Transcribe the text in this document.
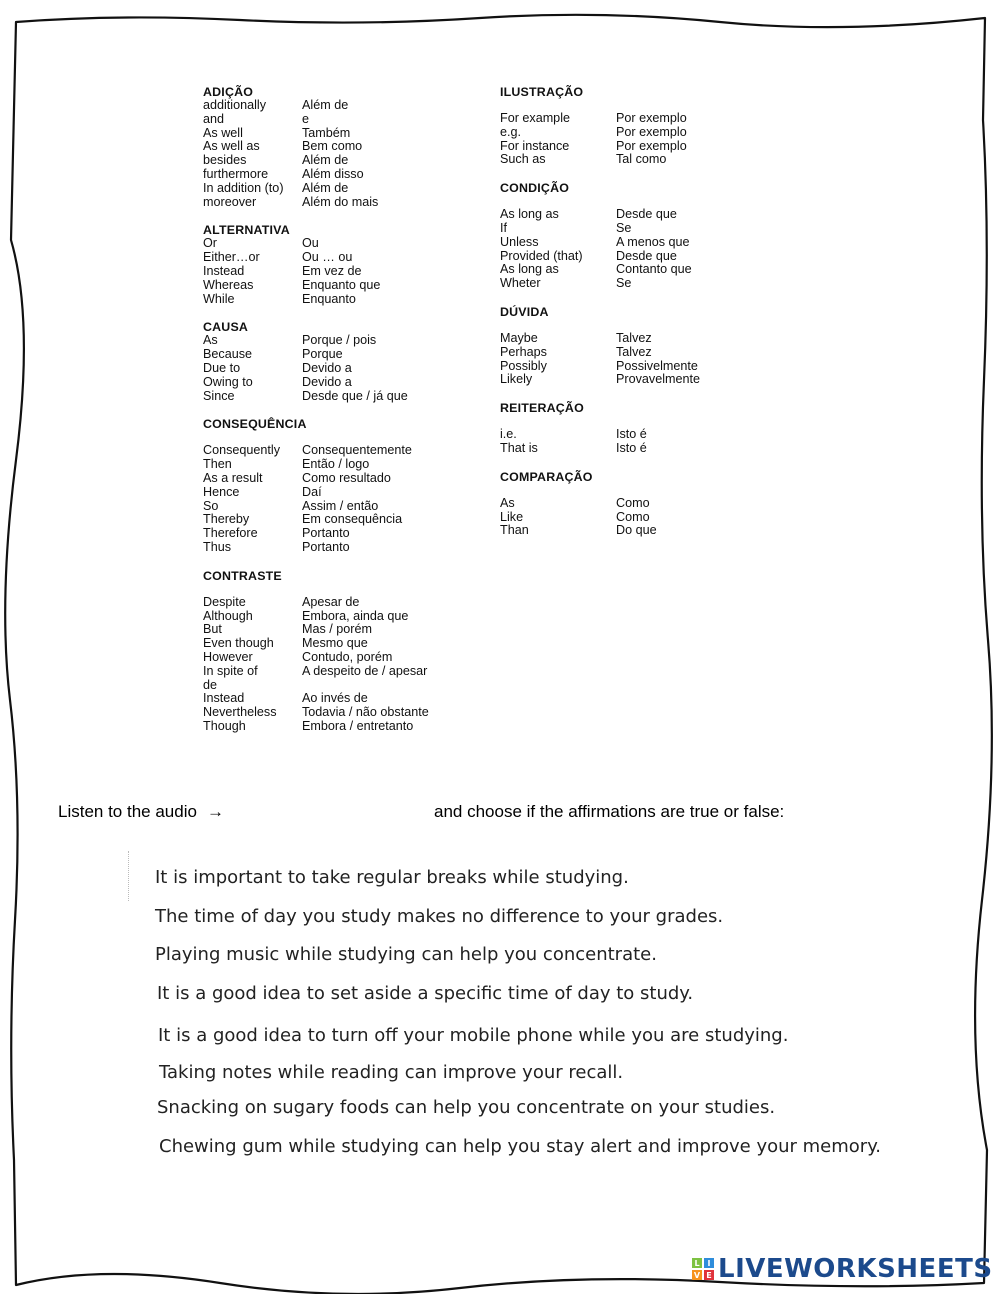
ADIÇÃO
additionally	Além de
and	e
As well	Também
As well as	Bem como
besides	Além de
furthermore	Além disso
In addition (to)	Além de
moreover	Além do mais
ALTERNATIVA
Or	Ou
Either…or	Ou … ou
Instead	Em vez de
Whereas	Enquanto que
While	Enquanto
CAUSA
As	Porque / pois
Because	Porque
Due to	Devido a
Owing to	Devido a
Since	Desde que / já que
CONSEQUÊNCIA
Consequently	Consequentemente
Then	Então / logo
As a result	Como resultado
Hence	Daí
So	Assim / então
Thereby	Em consequência
Therefore	Portanto
Thus	Portanto
CONTRASTE
Despite	Apesar de
Although	Embora, ainda que
But	Mas / porém
Even though	Mesmo que
However	Contudo, porém
In spite of	A despeito de / apesar
de
Instead	Ao invés de
Nevertheless	Todavia / não obstante
Though	Embora / entretanto
ILUSTRAÇÃO
For example	Por exemplo
e.g.	Por exemplo
For instance	Por exemplo
Such as	Tal como
CONDIÇÃO
As long as	Desde que
If	Se
Unless	A menos que
Provided (that)	Desde que
As long as	Contanto que
Wheter	Se
DÚVIDA
Maybe	Talvez
Perhaps	Talvez
Possibly	Possivelmente
Likely	Provavelmente
REITERAÇÃO
i.e.	Isto é
That is	Isto é
COMPARAÇÃO
As	Como
Like	Como
Than	Do que
Listen to the audio →	and choose if the affirmations are true or false:
It is important to take regular breaks while studying.
The time of day you study makes no difference to your grades.
Playing music while studying can help you concentrate.
It is a good idea to set aside a specific time of day to study.
It is a good idea to turn off your mobile phone while you are studying.
Taking notes while reading can improve your recall.
Snacking on sugary foods can help you concentrate on your studies.
Chewing gum while studying can help you stay alert and improve your memory.
L I
V E LIVEWORKSHEETS
